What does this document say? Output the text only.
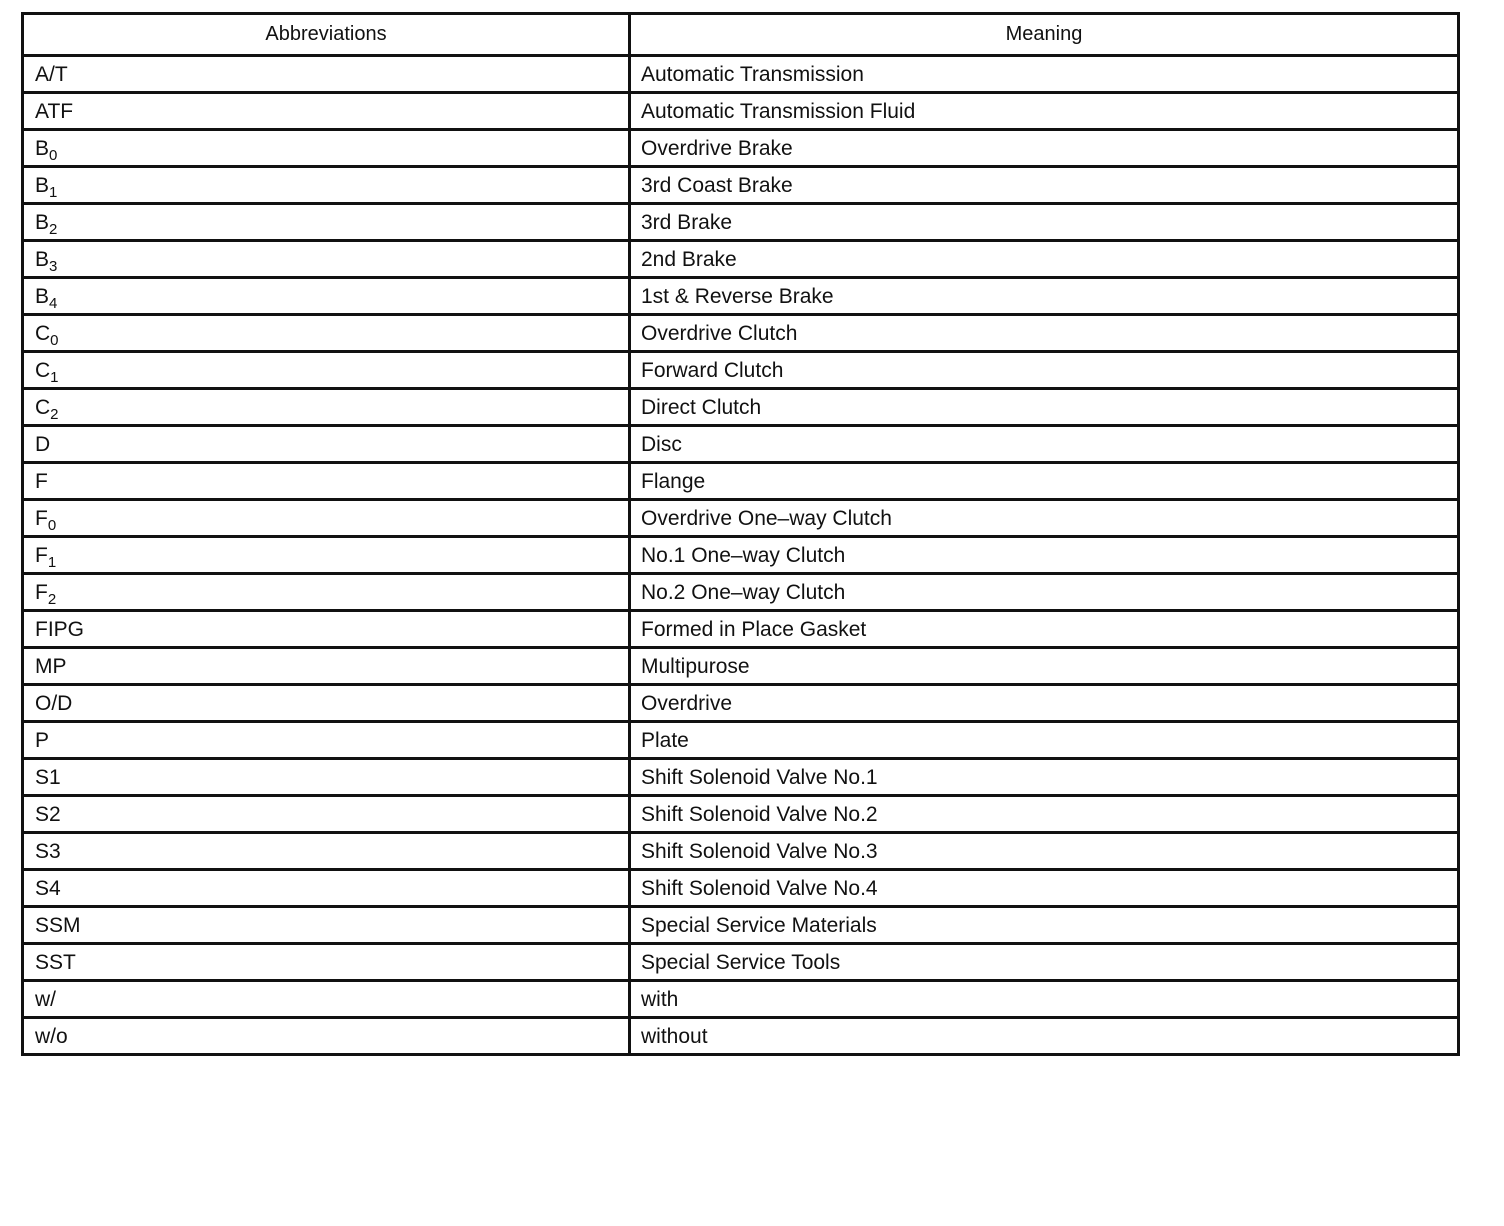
Abbreviations	Meaning
A/T	Automatic Transmission
ATF	Automatic Transmission Fluid
$B_0$	Overdrive Brake
$B_1$	3rd Coast Brake
$B_2$	3rd Brake
$B_3$	2nd Brake
$B_4$	1st & Reverse Brake
$C_0$	Overdrive Clutch
$C_1$	Forward Clutch
$C_2$	Direct Clutch
D	Disc
F	Flange
$F_0$	Overdrive One–way Clutch
$F_1$	No.1 One–way Clutch
$F_2$	No.2 One–way Clutch
FIPG	Formed in Place Gasket
MP	Multipurose
O/D	Overdrive
P	Plate
S1	Shift Solenoid Valve No.1
S2	Shift Solenoid Valve No.2
S3	Shift Solenoid Valve No.3
S4	Shift Solenoid Valve No.4
SSM	Special Service Materials
SST	Special Service Tools
w/	with
w/o	without
